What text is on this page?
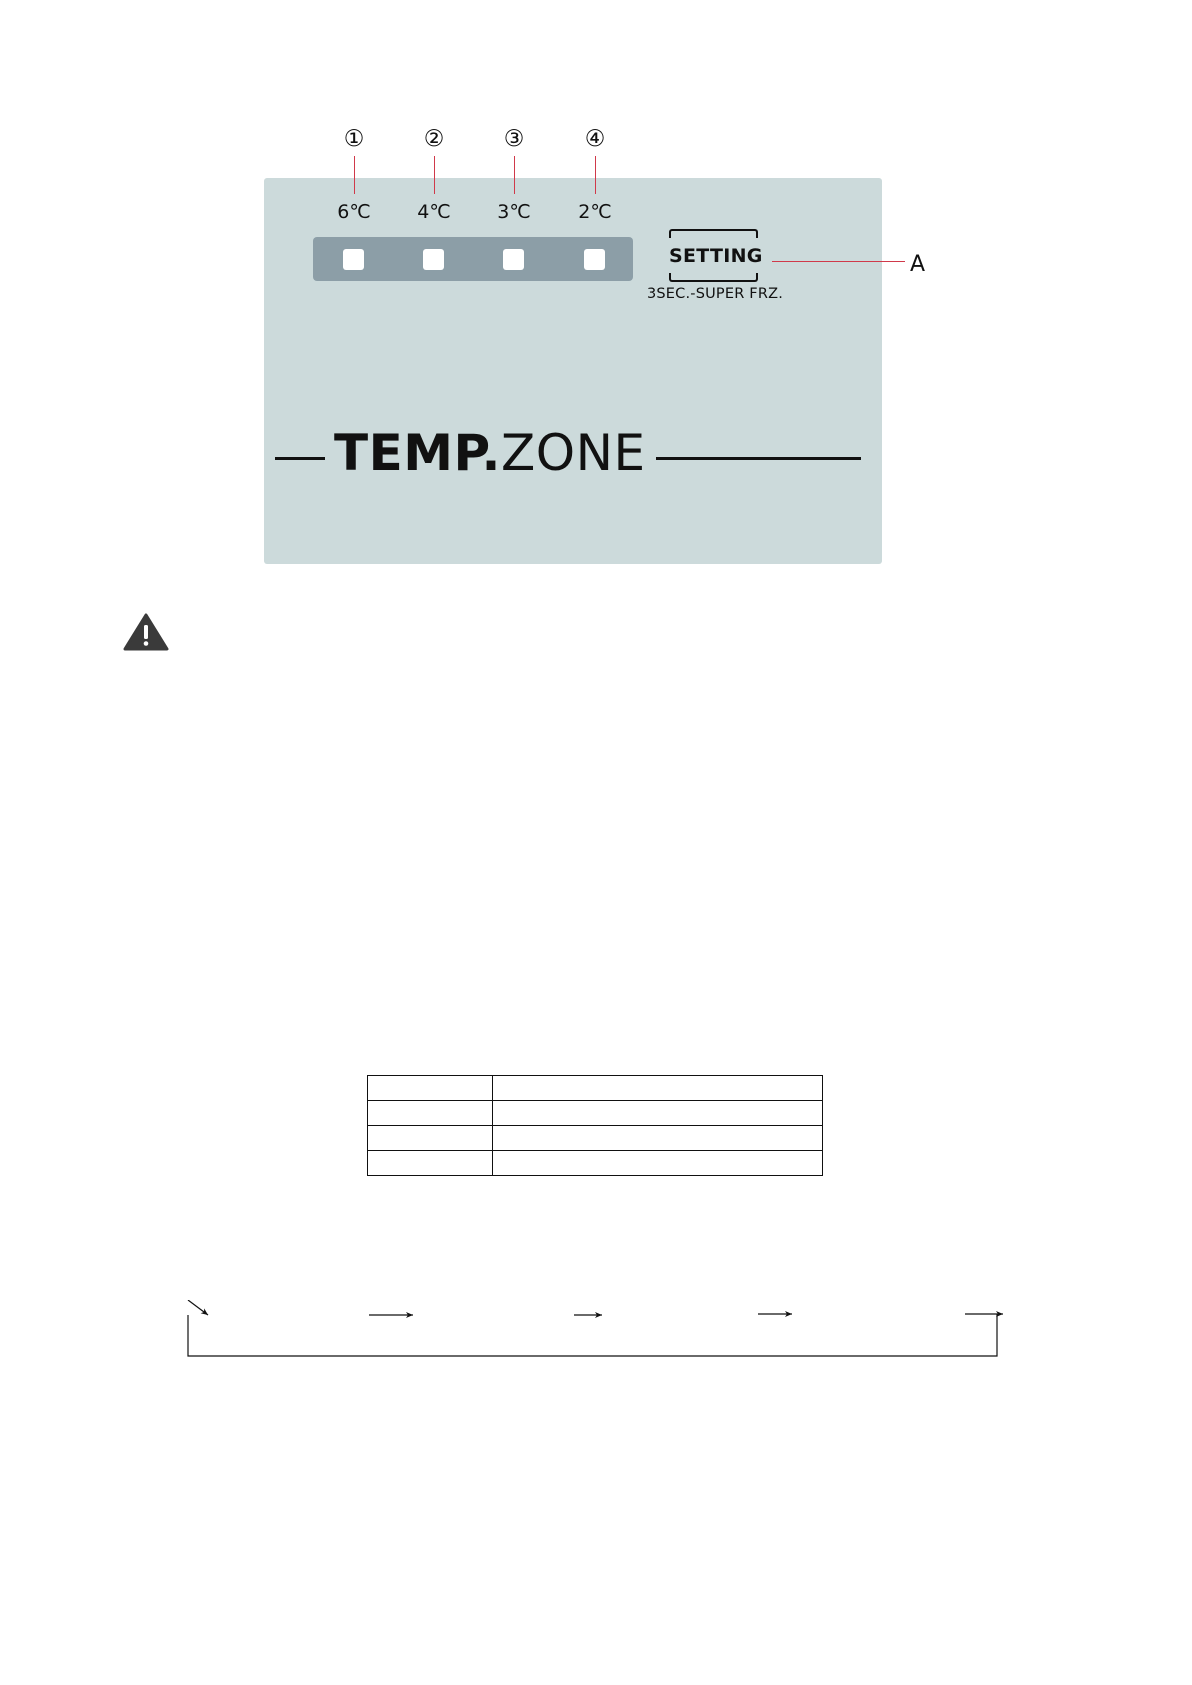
①	②	③	④
6℃	4℃	3℃	2℃
SETTING
3SEC.-SUPER FRZ.
A
TEMP.ZONE
